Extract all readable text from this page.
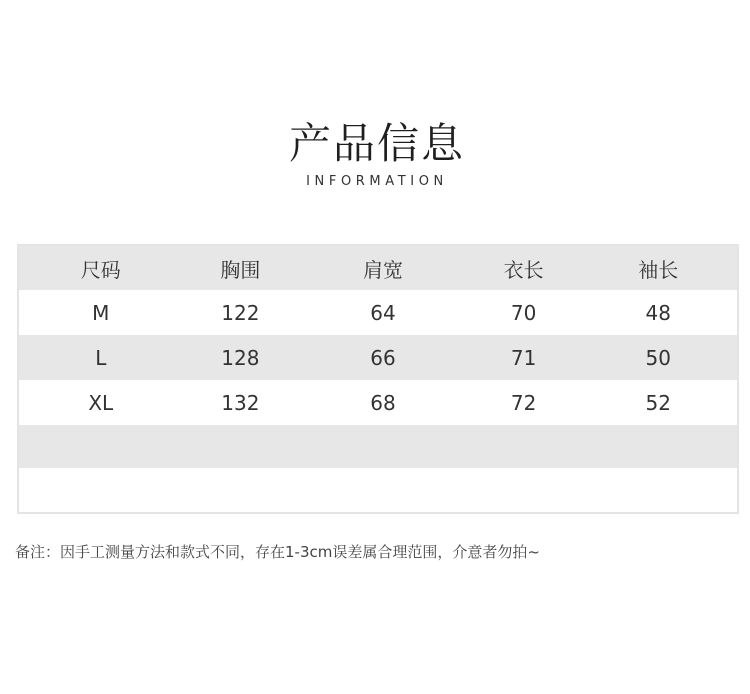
产品信息
INFORMATION
尺码	胸围	肩宽	衣长	袖长
M	122	64	70	48
L	128	66	71	50
XL	132	68	72	52
备注：因手工测量方法和款式不同，存在1-3cm误差属合理范围，介意者勿拍~
